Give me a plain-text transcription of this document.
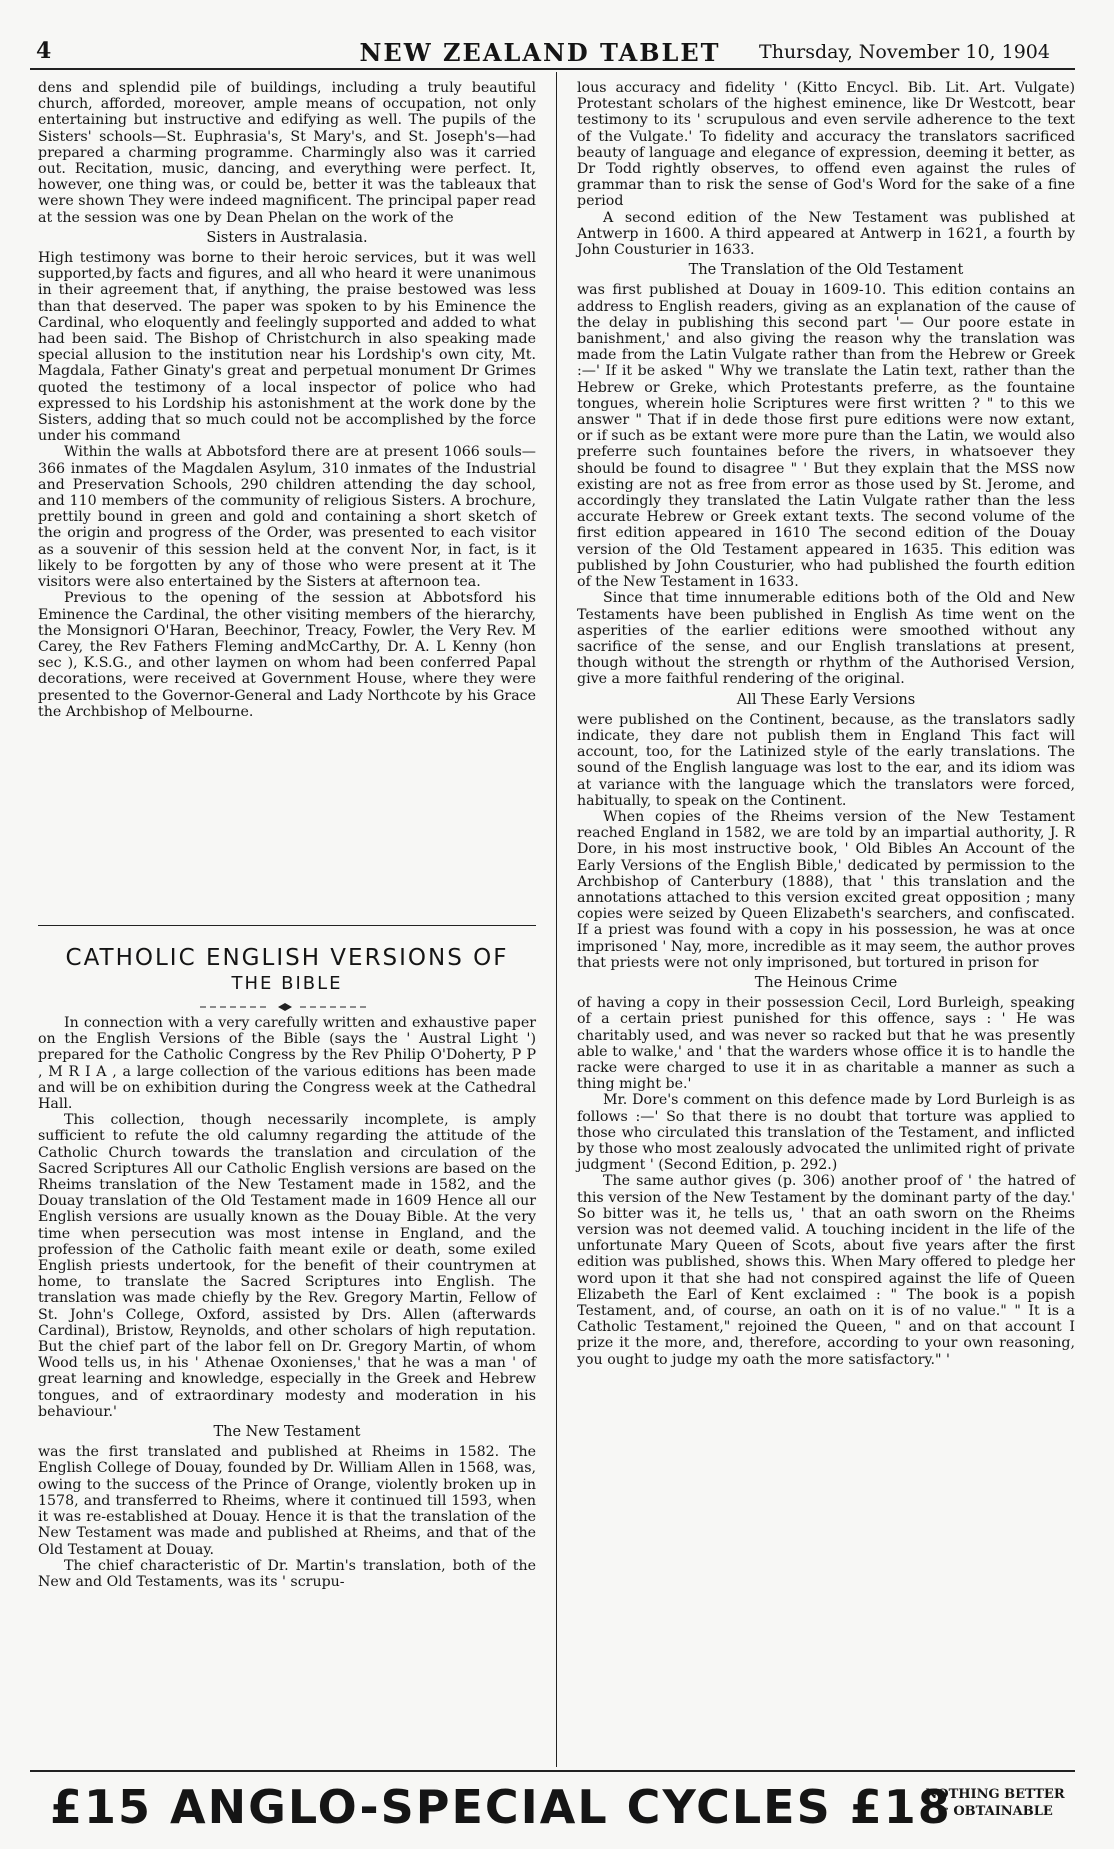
4	NEW ZEALAND TABLET	Thursday, November 10, 1904

dens and splendid pile of buildings, including a truly beautiful church, afforded, moreover, ample means of occupation, not only entertaining but instructive and edifying as well. The pupils of the Sisters' schools—St. Euphrasia's, St Mary's, and St. Joseph's—had prepared a charming programme. Charmingly also was it carried out. Recitation, music, dancing, and everything were perfect. It, however, one thing was, or could be, better it was the tableaux that were shown They were indeed magnificent. The principal paper read at the session was one by Dean Phelan on the work of the

Sisters in Australasia.

High testimony was borne to their heroic services, but it was well supported,by facts and figures, and all who heard it were unanimous in their agreement that, if anything, the praise bestowed was less than that deserved. The paper was spoken to by his Eminence the Cardinal, who eloquently and feelingly supported and added to what had been said. The Bishop of Christchurch in also speaking made special allusion to the institution near his Lordship's own city, Mt. Magdala, Father Ginaty's great and perpetual monument Dr Grimes quoted the testimony of a local inspector of police who had expressed to his Lordship his astonishment at the work done by the Sisters, adding that so much could not be accomplished by the force under his command

Within the walls at Abbotsford there are at present 1066 souls—366 inmates of the Magdalen Asylum, 310 inmates of the Industrial and Preservation Schools, 290 children attending the day school, and 110 members of the community of religious Sisters. A brochure, prettily bound in green and gold and containing a short sketch of the origin and progress of the Order, was presented to each visitor as a souvenir of this session held at the convent Nor, in fact, is it likely to be forgotten by any of those who were present at it The visitors were also entertained by the Sisters at afternoon tea.

Previous to the opening of the session at Abbotsford his Eminence the Cardinal, the other visiting members of the hierarchy, the Monsignori O'Haran, Beechinor, Treacy, Fowler, the Very Rev. M Carey, the Rev Fathers Fleming andMcCarthy, Dr. A. L Kenny (hon sec ), K.S.G., and other laymen on whom had been conferred Papal decorations, were received at Government House, where they were presented to the Governor-General and Lady Northcote by his Grace the Archbishop of Melbourne.

CATHOLIC ENGLISH VERSIONS OF
THE BIBLE

In connection with a very carefully written and exhaustive paper on the English Versions of the Bible (says the ' Austral Light ') prepared for the Catholic Congress by the Rev Philip O'Doherty, P P , M R I A , a large collection of the various editions has been made and will be on exhibition during the Congress week at the Cathedral Hall.

This collection, though necessarily incomplete, is amply sufficient to refute the old calumny regarding the attitude of the Catholic Church towards the translation and circulation of the Sacred Scriptures All our Catholic English versions are based on the Rheims translation of the New Testament made in 1582, and the Douay translation of the Old Testament made in 1609 Hence all our English versions are usually known as the Douay Bible. At the very time when persecution was most intense in England, and the profession of the Catholic faith meant exile or death, some exiled English priests undertook, for the benefit of their countrymen at home, to translate the Sacred Scriptures into English. The translation was made chiefly by the Rev. Gregory Martin, Fellow of St. John's College, Oxford, assisted by Drs. Allen (afterwards Cardinal), Bristow, Reynolds, and other scholars of high reputation. But the chief part of the labor fell on Dr. Gregory Martin, of whom Wood tells us, in his ' Athenae Oxonienses,' that he was a man ' of great learning and knowledge, especially in the Greek and Hebrew tongues, and of extraordinary modesty and moderation in his behaviour.'

The New Testament

was the first translated and published at Rheims in 1582. The English College of Douay, founded by Dr. William Allen in 1568, was, owing to the success of the Prince of Orange, violently broken up in 1578, and transferred to Rheims, where it continued till 1593, when it was re-established at Douay. Hence it is that the translation of the New Testament was made and published at Rheims, and that of the Old Testament at Douay.

The chief characteristic of Dr. Martin's translation, both of the New and Old Testaments, was its ' scrupu-

lous accuracy and fidelity ' (Kitto Encycl. Bib. Lit. Art. Vulgate) Protestant scholars of the highest eminence, like Dr Westcott, bear testimony to its ' scrupulous and even servile adherence to the text of the Vulgate.' To fidelity and accuracy the translators sacrificed beauty of language and elegance of expression, deeming it better, as Dr Todd rightly observes, to offend even against the rules of grammar than to risk the sense of God's Word for the sake of a fine period

A second edition of the New Testament was published at Antwerp in 1600. A third appeared at Antwerp in 1621, a fourth by John Cousturier in 1633.

The Translation of the Old Testament

was first published at Douay in 1609-10. This edition contains an address to English readers, giving as an explanation of the cause of the delay in publishing this second part '— Our poore estate in banishment,' and also giving the reason why the translation was made from the Latin Vulgate rather than from the Hebrew or Greek :—' If it be asked " Why we translate the Latin text, rather than the Hebrew or Greke, which Protestants preferre, as the fountaine tongues, wherein holie Scriptures were first written ? " to this we answer " That if in dede those first pure editions were now extant, or if such as be extant were more pure than the Latin, we would also preferre such fountaines before the rivers, in whatsoever they should be found to disagree " ' But they explain that the MSS now existing are not as free from error as those used by St. Jerome, and accordingly they translated the Latin Vulgate rather than the less accurate Hebrew or Greek extant texts. The second volume of the first edition appeared in 1610 The second edition of the Douay version of the Old Testament appeared in 1635. This edition was published by John Cousturier, who had published the fourth edition of the New Testament in 1633.

Since that time innumerable editions both of the Old and New Testaments have been published in English As time went on the asperities of the earlier editions were smoothed without any sacrifice of the sense, and our English translations at present, though without the strength or rhythm of the Authorised Version, give a more faithful rendering of the original.

All These Early Versions

were published on the Continent, because, as the translators sadly indicate, they dare not publish them in England This fact will account, too, for the Latinized style of the early translations. The sound of the English language was lost to the ear, and its idiom was at variance with the language which the translators were forced, habitually, to speak on the Continent.

When copies of the Rheims version of the New Testament reached England in 1582, we are told by an impartial authority, J. R Dore, in his most instructive book, ' Old Bibles An Account of the Early Versions of the English Bible,' dedicated by permission to the Archbishop of Canterbury (1888), that ' this translation and the annotations attached to this version excited great opposition ; many copies were seized by Queen Elizabeth's searchers, and confiscated. If a priest was found with a copy in his possession, he was at once imprisoned ' Nay, more, incredible as it may seem, the author proves that priests were not only imprisoned, but tortured in prison for

The Heinous Crime

of having a copy in their possession Cecil, Lord Burleigh, speaking of a certain priest punished for this offence, says : ' He was charitably used, and was never so racked but that he was presently able to walke,' and ' that the warders whose office it is to handle the racke were charged to use it in as charitable a manner as such a thing might be.'

Mr. Dore's comment on this defence made by Lord Burleigh is as follows :—' So that there is no doubt that torture was applied to those who circulated this translation of the Testament, and inflicted by those who most zealously advocated the unlimited right of private judgment ' (Second Edition, p. 292.)

The same author gives (p. 306) another proof of ' the hatred of this version of the New Testament by the dominant party of the day.' So bitter was it, he tells us, ' that an oath sworn on the Rheims version was not deemed valid. A touching incident in the life of the unfortunate Mary Queen of Scots, about five years after the first edition was published, shows this. When Mary offered to pledge her word upon it that she had not conspired against the life of Queen Elizabeth the Earl of Kent exclaimed : " The book is a popish Testament, and, of course, an oath on it is of no value." " It is a Catholic Testament," rejoined the Queen, " and on that account I prize it the more, and, therefore, according to your own reasoning, you ought to judge my oath the more satisfactory." '

£15 ANGLO-SPECIAL CYCLES £18
NOTHING BETTER
☞ OBTAINABLE
